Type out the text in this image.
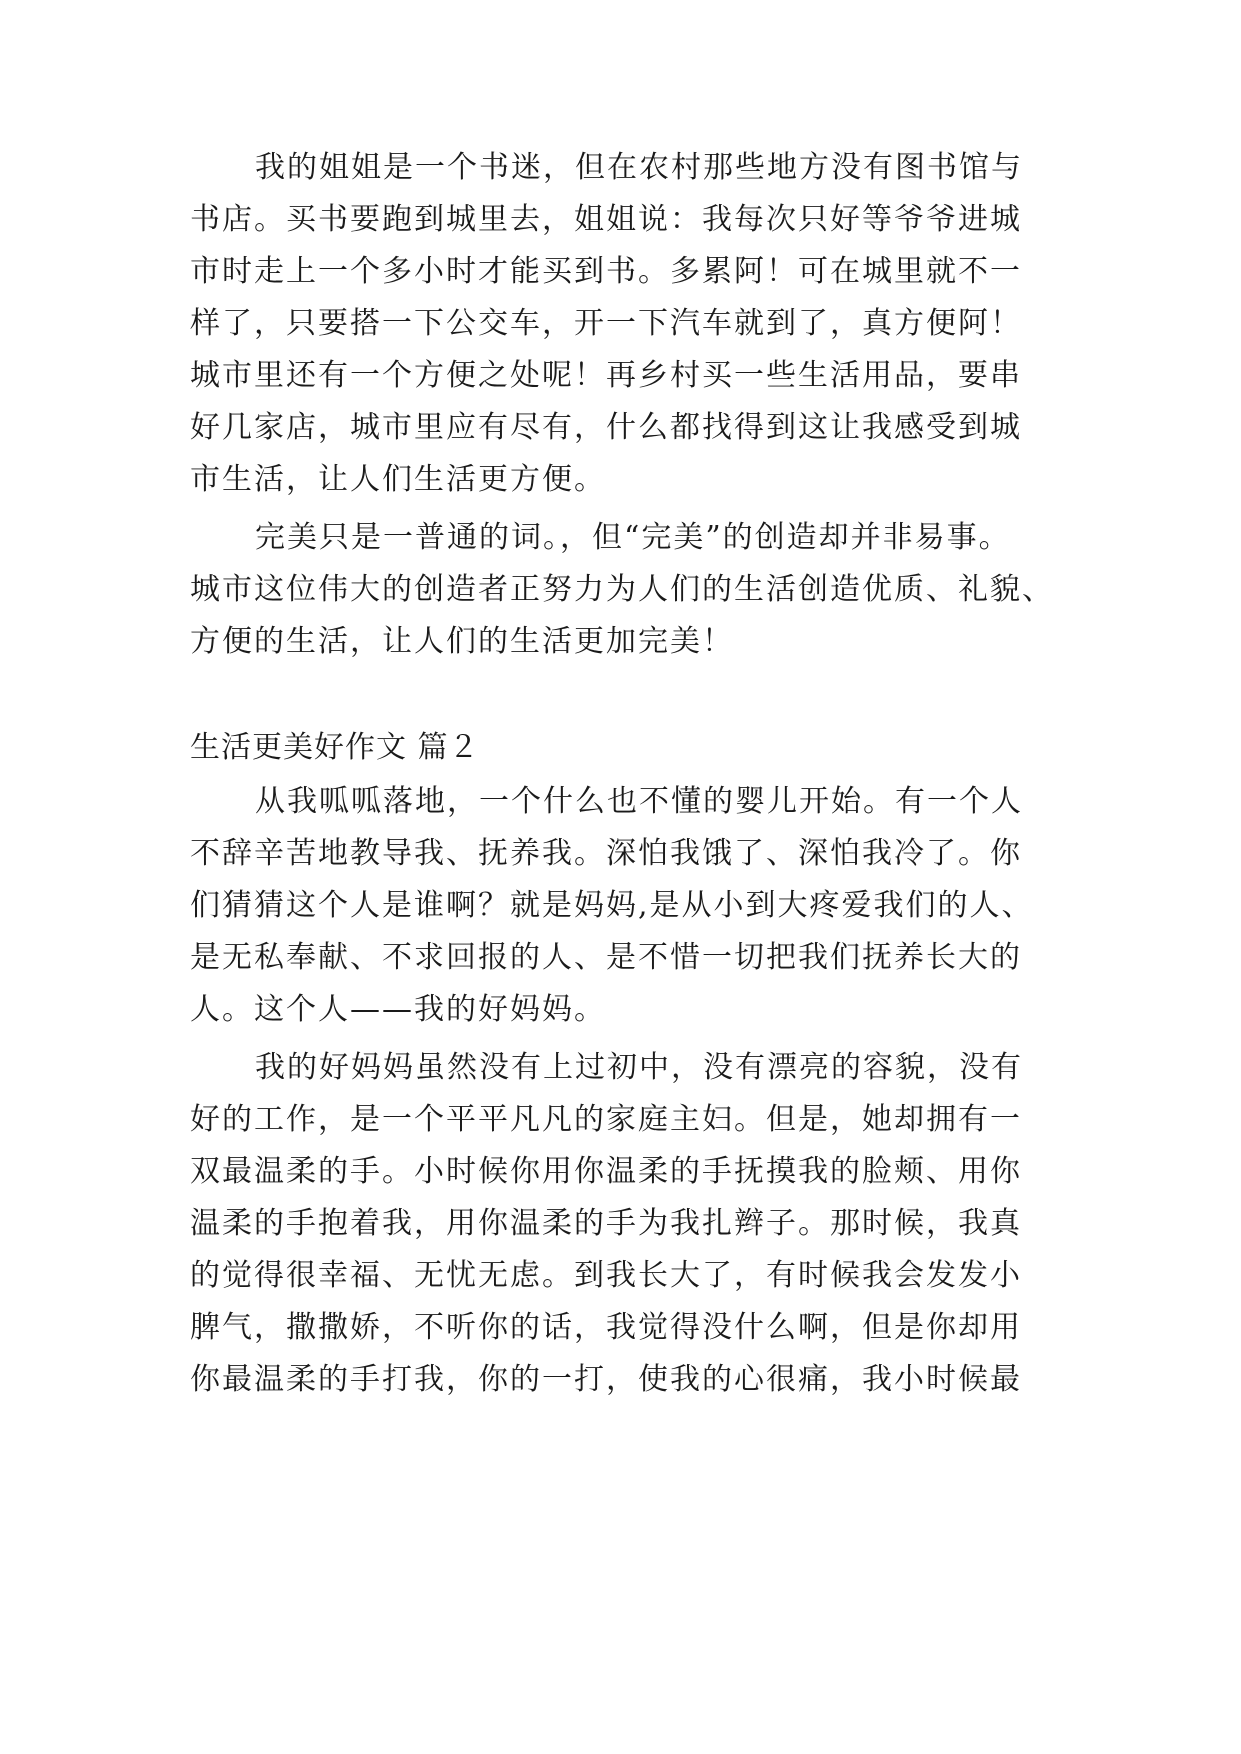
我的姐姐是一个书迷，但在农村那些地方没有图书馆与
书店。买书要跑到城里去，姐姐说：我每次只好等爷爷进城
市时走上一个多小时才能买到书。多累阿！可在城里就不一
样了，只要搭一下公交车，开一下汽车就到了，真方便阿！
城市里还有一个方便之处呢！再乡村买一些生活用品，要串
好几家店，城市里应有尽有，什么都找得到这让我感受到城
市生活，让人们生活更方便。
完美只是一普通的词。，但“完美”的创造却并非易事。
城市这位伟大的创造者正努力为人们的生活创造优质、礼貌、
方便的生活，让人们的生活更加完美！
生活更美好作文 篇２
从我呱呱落地，一个什么也不懂的婴儿开始。有一个人
不辞辛苦地教导我、抚养我。深怕我饿了、深怕我冷了。你
们猜猜这个人是谁啊？就是妈妈,是从小到大疼爱我们的人、
是无私奉献、不求回报的人、是不惜一切把我们抚养长大的
人。这个人——我的好妈妈。
我的好妈妈虽然没有上过初中，没有漂亮的容貌，没有
好的工作，是一个平平凡凡的家庭主妇。但是，她却拥有一
双最温柔的手。小时候你用你温柔的手抚摸我的脸颊、用你
温柔的手抱着我，用你温柔的手为我扎辫子。那时候，我真
的觉得很幸福、无忧无虑。到我长大了，有时候我会发发小
脾气，撒撒娇，不听你的话，我觉得没什么啊，但是你却用
你最温柔的手打我，你的一打，使我的心很痛，我小时候最
